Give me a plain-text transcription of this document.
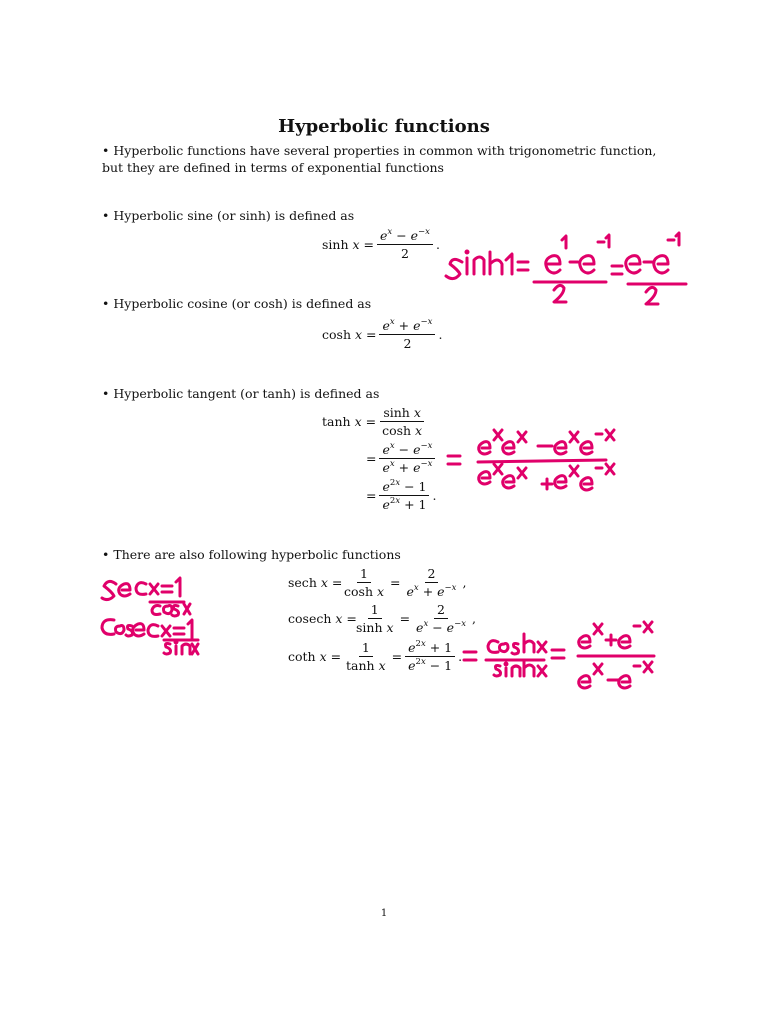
Hyperbolic functions
• Hyperbolic functions have several properties in common with trigonometric function, but they are defined in terms of exponential functions
• Hyperbolic sine (or sinh) is defined as
$\sinh x = \frac{e^x - e^{-x}}{2}$ .
• Hyperbolic cosine (or cosh) is defined as
$\cosh x = \frac{e^x + e^{-x}}{2}$ .
• Hyperbolic tangent (or tanh) is defined as
$\tanh x = \frac{\text{sinh x}}{\text{cosh x}}$
= $\frac{e^x - e^{-x}}{e^x + e^{-x}}$
= $\frac{e^{2x} - 1}{e^{2x} + 1}$ .
• There are also following hyperbolic functions
sech x =
$\frac{1}{\text{cosh x}} = \frac{2}{e^x + e^{-x}}$ ,
cosech x =
$\frac{1}{\text{sinh x}} = \frac{2}{e^x - e^{-x}}$ ,
coth $x = \frac{1}{\text{tanh x}} = \frac{e^{2x} + 1}{e^{2x} - 1}$ .
1
